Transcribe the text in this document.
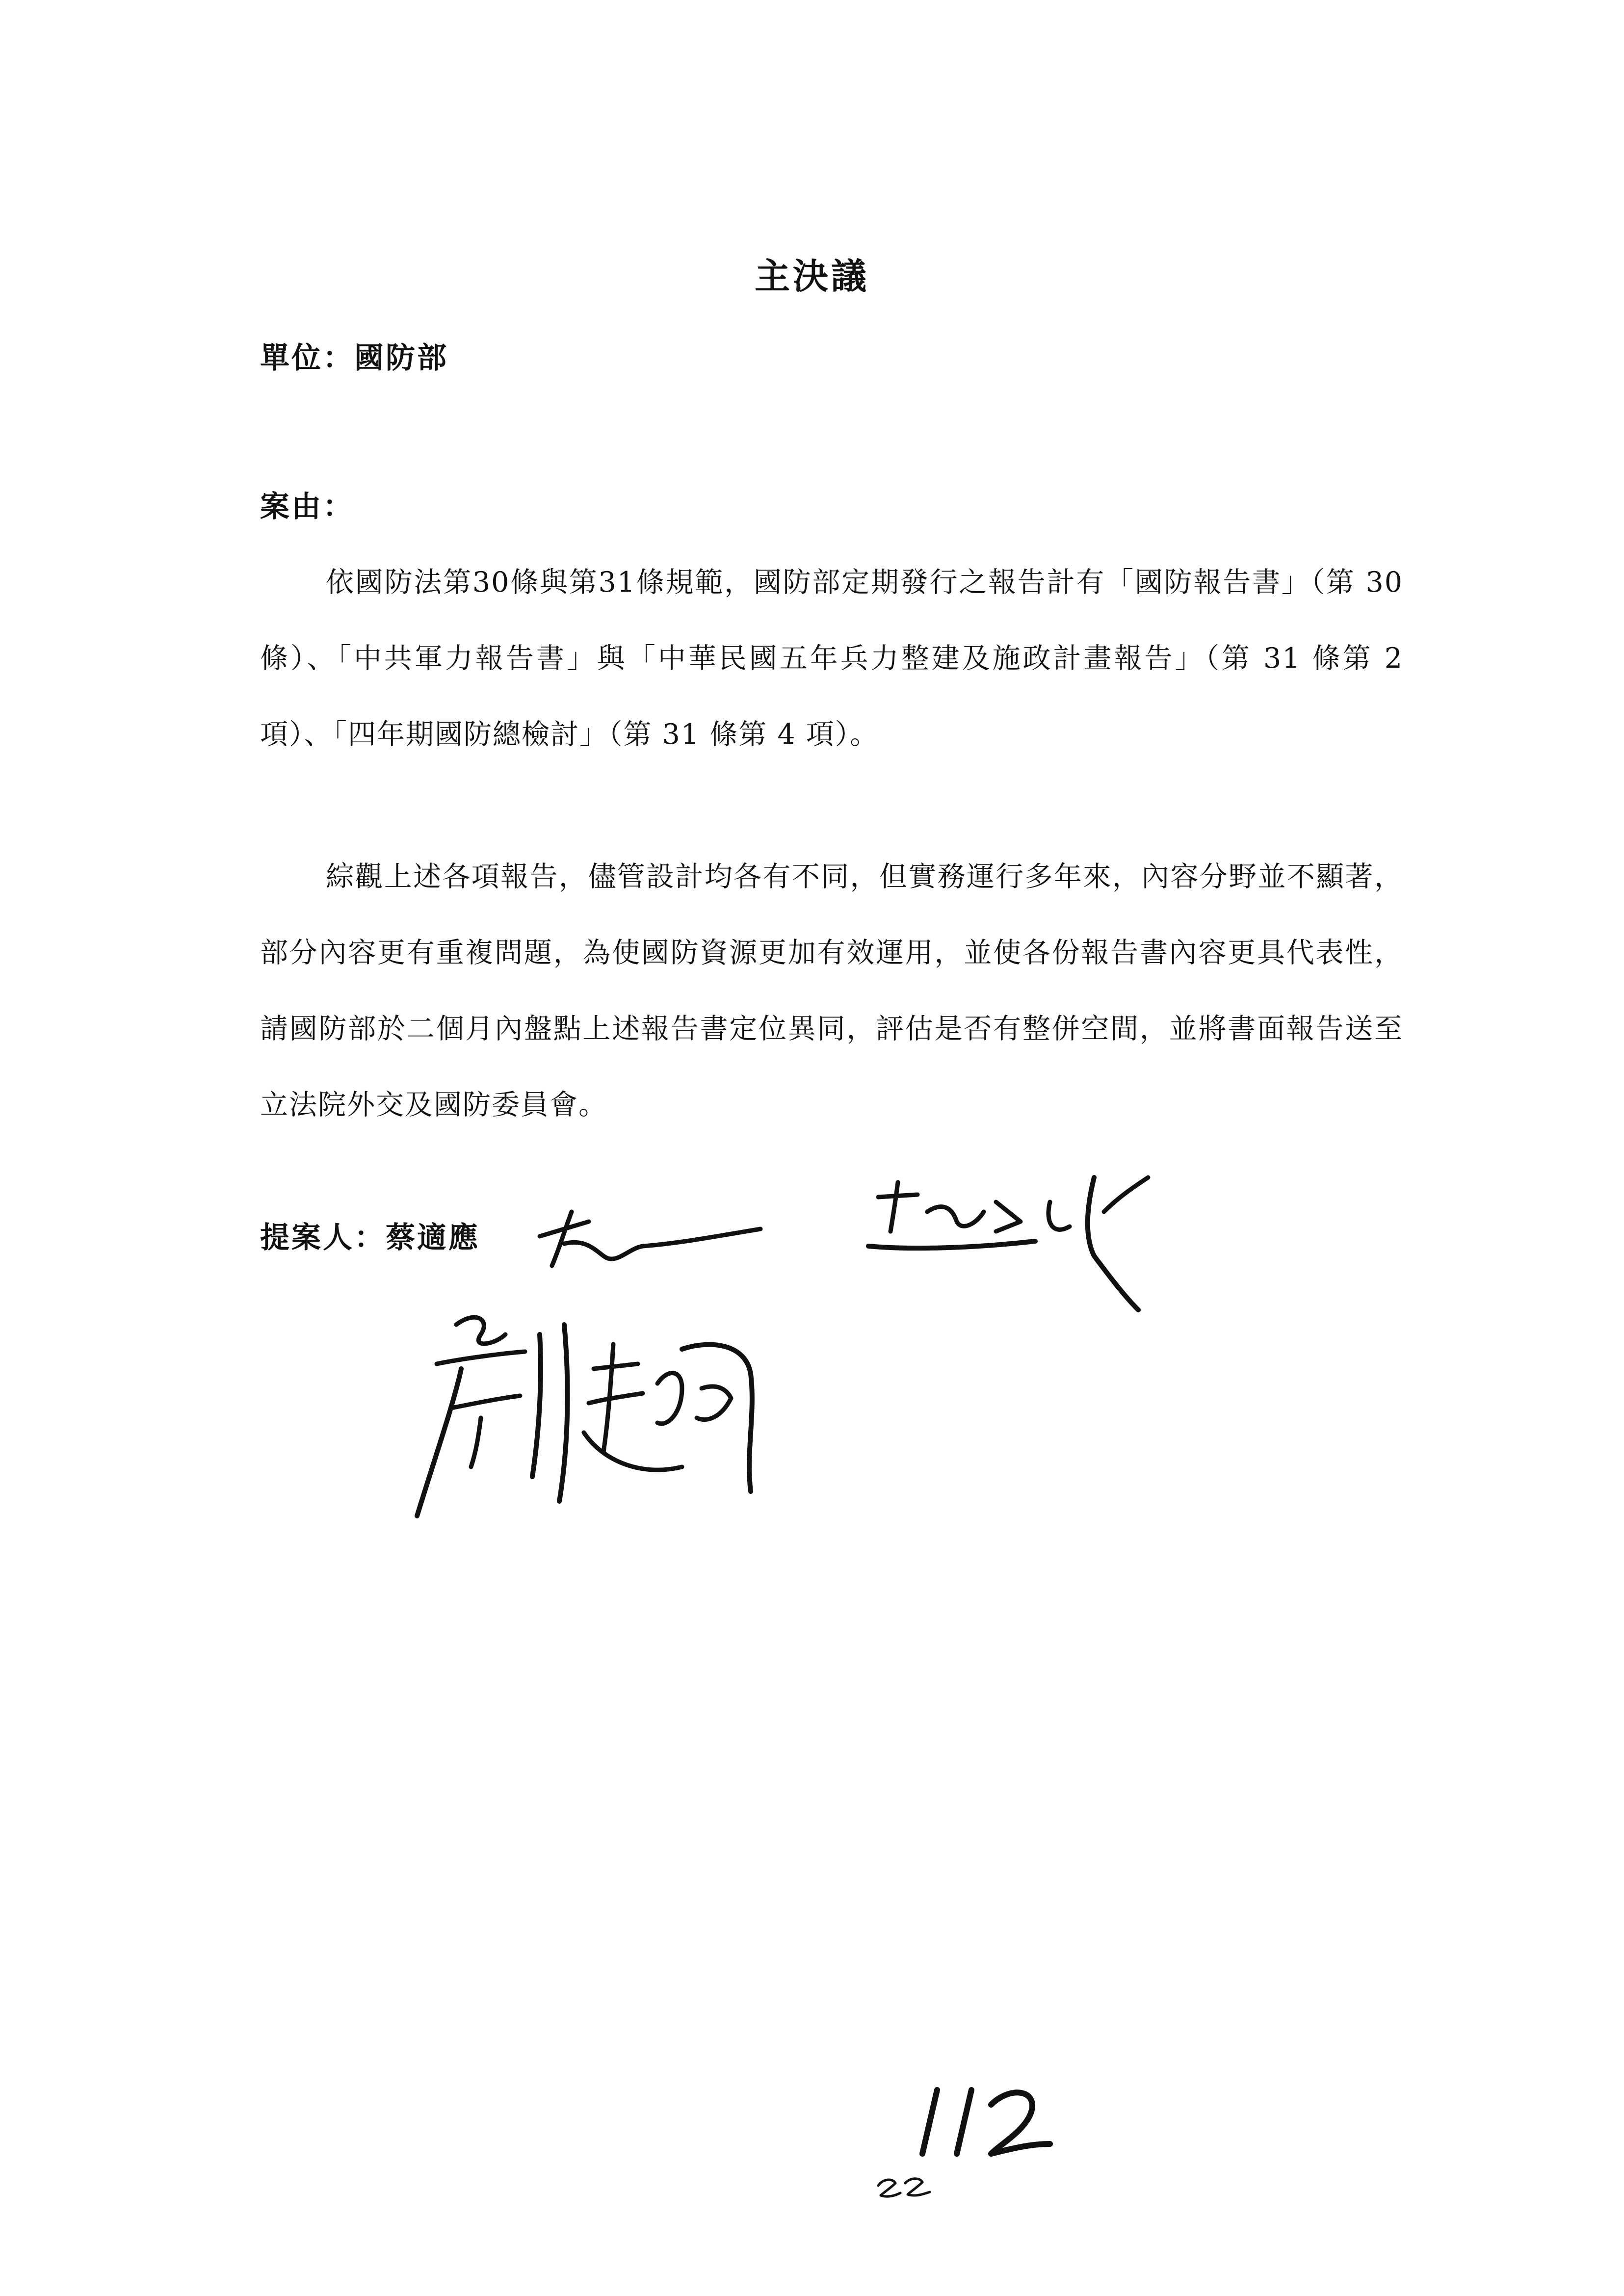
主決議
單位：國防部
案由：
依國防法第30條與第31條規範，國防部定期發行之報告計有「國防報告書」（第 30 條）、「中共軍力報告書」與「中華民國五年兵力整建及施政計畫報告」（第 31 條第 2 項）、「四年期國防總檢討」（第 31 條第 4 項）。
綜觀上述各項報告，儘管設計均各有不同，但實務運行多年來，內容分野並不顯著，部分內容更有重複問題，為使國防資源更加有效運用，並使各份報告書內容更具代表性，請國防部於二個月內盤點上述報告書定位異同，評估是否有整併空間，並將書面報告送至立法院外交及國防委員會。
提案人：蔡適應
